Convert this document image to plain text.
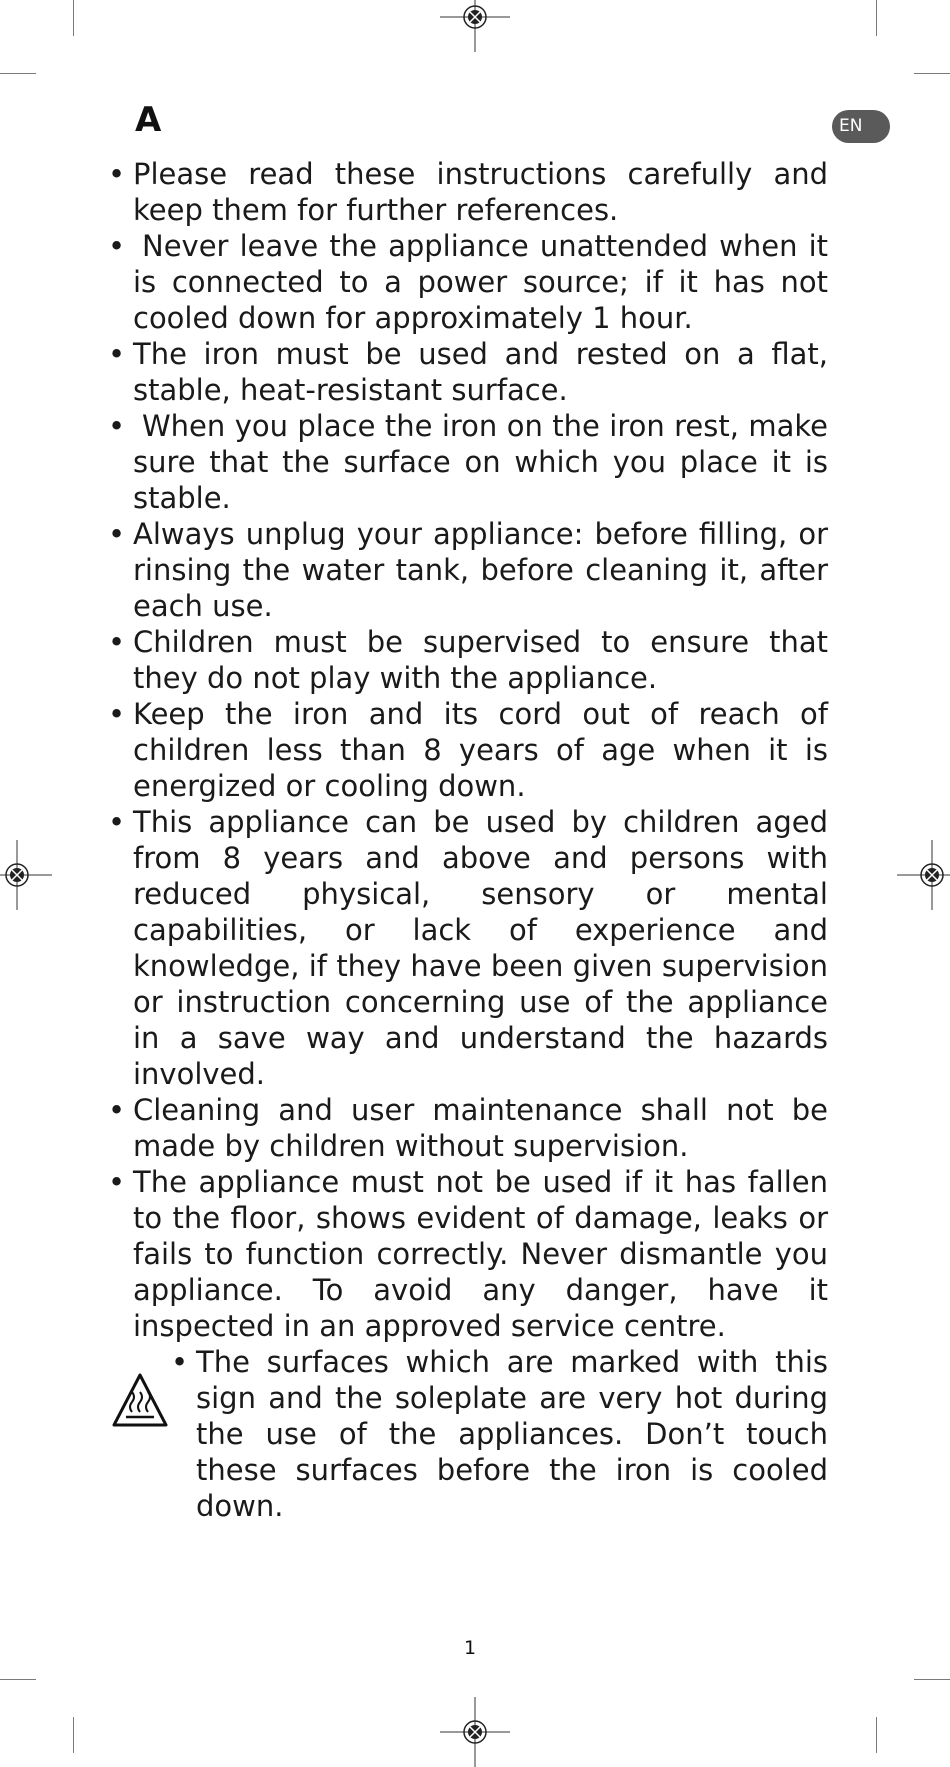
A	EN
• Please read these instructions carefully and keep them for further references.
• Never leave the appliance unattended when it is connected to a power source; if it has not cooled down for approximately 1 hour.
• The iron must be used and rested on a flat, stable, heat-resistant surface.
• When you place the iron on the iron rest, make sure that the surface on which you place it is stable.
• Always unplug your appliance: before filling, or rinsing the water tank, before cleaning it, after each use.
• Children must be supervised to ensure that they do not play with the appliance.
• Keep the iron and its cord out of reach of children less than 8 years of age when it is energized or cooling down.
• This appliance can be used by children aged from 8 years and above and persons with reduced physical, sensory or mental capabilities, or lack of experience and knowledge, if they have been given supervision or instruction concerning use of the appliance in a save way and understand the hazards involved.
• Cleaning and user maintenance shall not be made by children without supervision.
• The appliance must not be used if it has fallen to the floor, shows evident of damage, leaks or fails to function correctly. Never dismantle you appliance. To avoid any danger, have it inspected in an approved service centre.
• The surfaces which are marked with this sign and the soleplate are very hot during the use of the appliances. Don’t touch these surfaces before the iron is cooled down.
1
